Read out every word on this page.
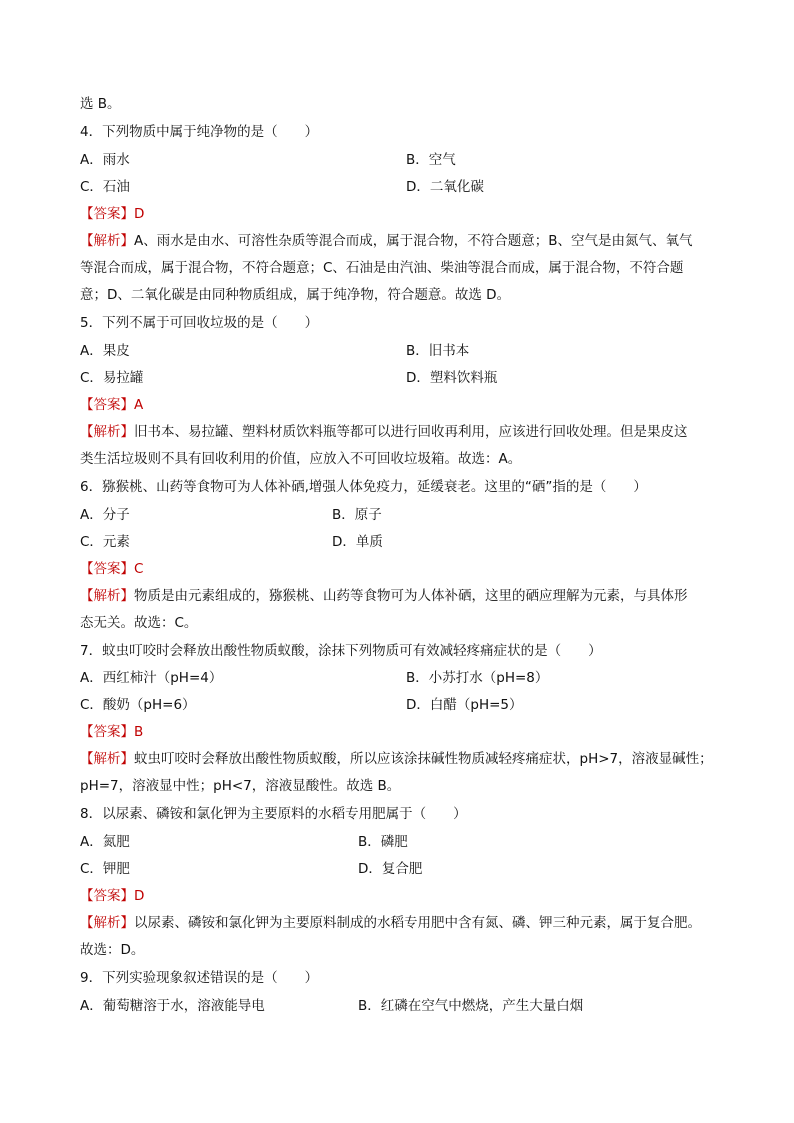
选 B。
4．下列物质中属于纯净物的是（　　）
A．雨水	B．空气
C．石油	D．二氧化碳
【答案】D
【解析】A、雨水是由水、可溶性杂质等混合而成，属于混合物，不符合题意；B、空气是由氮气、氧气
等混合而成，属于混合物，不符合题意；C、石油是由汽油、柴油等混合而成，属于混合物，不符合题
意；D、二氧化碳是由同种物质组成，属于纯净物，符合题意。故选 D。
5．下列不属于可回收垃圾的是（　　）
A．果皮	B．旧书本
C．易拉罐	D．塑料饮料瓶
【答案】A
【解析】旧书本、易拉罐、塑料材质饮料瓶等都可以进行回收再利用，应该进行回收处理。但是果皮这
类生活垃圾则不具有回收利用的价值，应放入不可回收垃圾箱。故选：A。
6．猕猴桃、山药等食物可为人体补硒,增强人体免疫力，延缓衰老。这里的“硒”指的是（　　）
A．分子	B．原子
C．元素	D．单质
【答案】C
【解析】物质是由元素组成的，猕猴桃、山药等食物可为人体补硒，这里的硒应理解为元素，与具体形
态无关。故选：C。
7．蚊虫叮咬时会释放出酸性物质蚁酸，涂抹下列物质可有效减轻疼痛症状的是（　　）
A．西红柿汁（pH=4）	B．小苏打水（pH=8）
C．酸奶（pH=6）	D．白醋（pH=5）
【答案】B
【解析】蚊虫叮咬时会释放出酸性物质蚁酸，所以应该涂抹碱性物质减轻疼痛症状，pH>7，溶液显碱性；
pH=7，溶液显中性；pH<7，溶液显酸性。故选 B。
8．以尿素、磷铵和氯化钾为主要原料的水稻专用肥属于（　　）
A．氮肥	B．磷肥
C．钾肥	D．复合肥
【答案】D
【解析】以尿素、磷铵和氯化钾为主要原料制成的水稻专用肥中含有氮、磷、钾三种元素，属于复合肥。
故选：D。
9．下列实验现象叙述错误的是（　　）
A．葡萄糖溶于水，溶液能导电	B．红磷在空气中燃烧，产生大量白烟
